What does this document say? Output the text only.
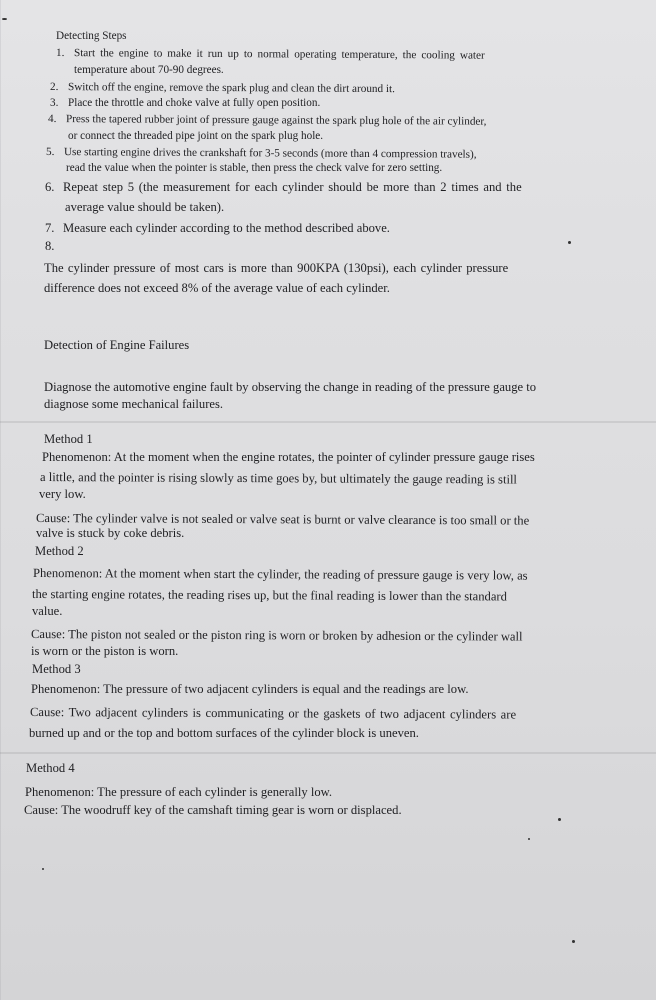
Detecting Steps
1. Start the engine to make it run up to normal operating temperature, the cooling water
temperature about 70-90 degrees.
2. Switch off the engine, remove the spark plug and clean the dirt around it.
3. Place the throttle and choke valve at fully open position.
4. Press the tapered rubber joint of pressure gauge against the spark plug hole of the air cylinder,
or connect the threaded pipe joint on the spark plug hole.
5. Use starting engine drives the crankshaft for 3-5 seconds (more than 4 compression travels),
read the value when the pointer is stable, then press the check valve for zero setting.
6. Repeat step 5 (the measurement for each cylinder should be more than 2 times and the
average value should be taken).
7. Measure each cylinder according to the method described above.
8.
The cylinder pressure of most cars is more than 900KPA (130psi), each cylinder pressure
difference does not exceed 8% of the average value of each cylinder.
Detection of Engine Failures
Diagnose the automotive engine fault by observing the change in reading of the pressure gauge to
diagnose some mechanical failures.
Method 1
Phenomenon: At the moment when the engine rotates, the pointer of cylinder pressure gauge rises
a little, and the pointer is rising slowly as time goes by, but ultimately the gauge reading is still
very low.
Cause: The cylinder valve is not sealed or valve seat is burnt or valve clearance is too small or the
valve is stuck by coke debris.
Method 2
Phenomenon: At the moment when start the cylinder, the reading of pressure gauge is very low, as
the starting engine rotates, the reading rises up, but the final reading is lower than the standard
value.
Cause: The piston not sealed or the piston ring is worn or broken by adhesion or the cylinder wall
is worn or the piston is worn.
Method 3
Phenomenon: The pressure of two adjacent cylinders is equal and the readings are low.
Cause: Two adjacent cylinders is communicating or the gaskets of two adjacent cylinders are
burned up and or the top and bottom surfaces of the cylinder block is uneven.
Method 4
Phenomenon: The pressure of each cylinder is generally low.
Cause: The woodruff key of the camshaft timing gear is worn or displaced.
